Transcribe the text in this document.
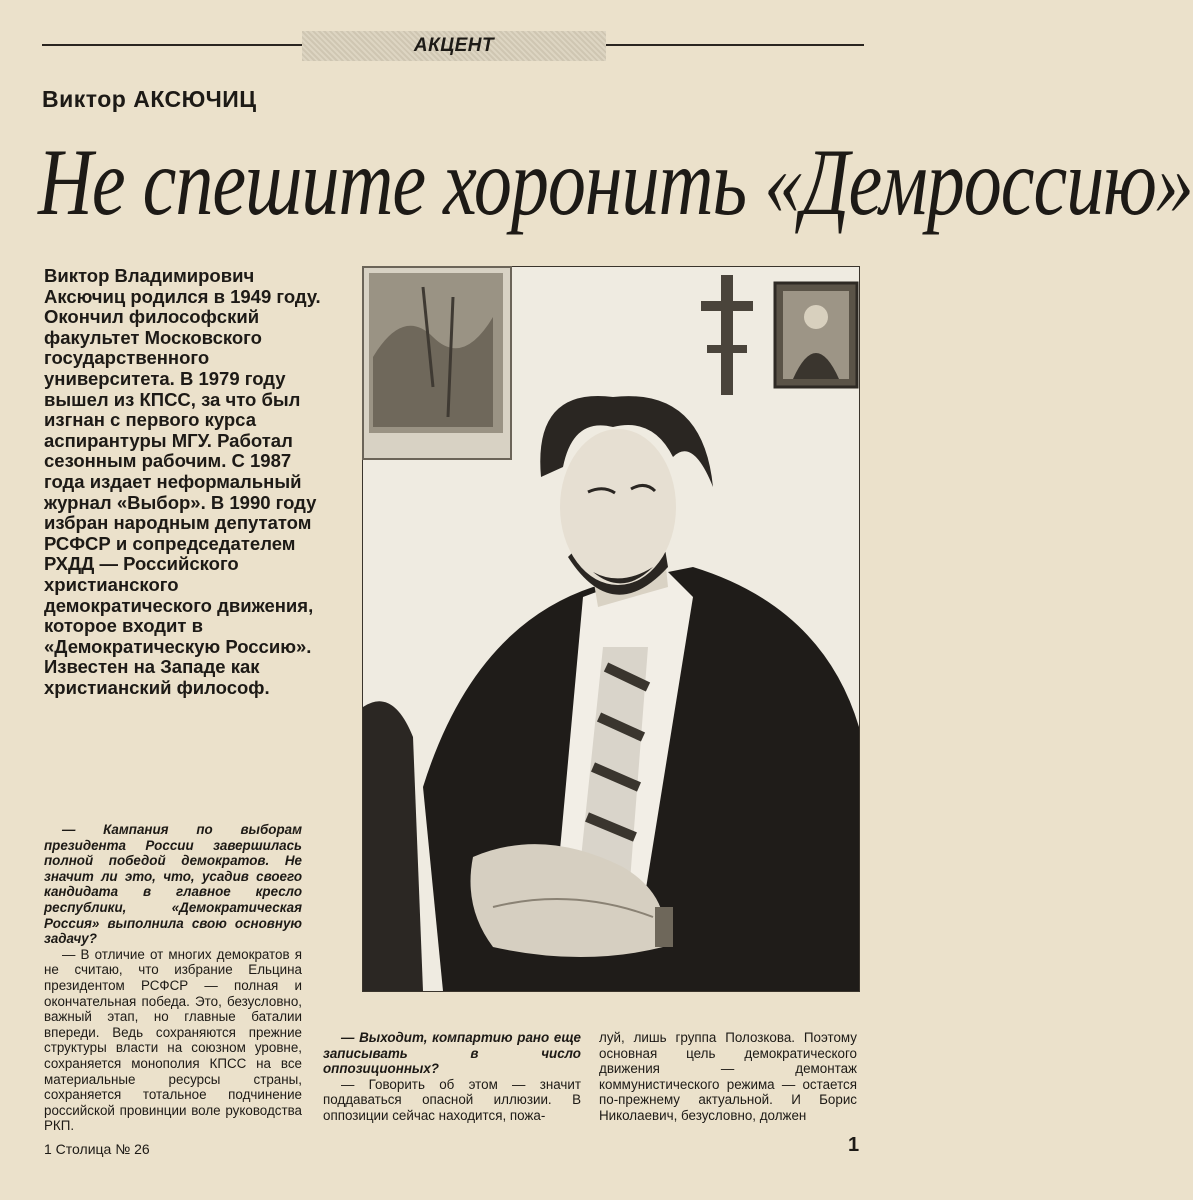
АКЦЕНТ
Виктор АКСЮЧИЦ
Не спешите хоронить «Демроссию»
Виктор Владимирович Аксючиц родился в 1949 году. Окончил философский факультет Московского государственного университета. В 1979 году вышел из КПСС, за что был изгнан с первого курса аспирантуры МГУ. Работал сезонным рабочим. С 1987 года издает неформальный журнал «Выбор». В 1990 году избран народным депутатом РСФСР и сопредседателем РХДД — Российского христианского демократического движения, которое входит в «Демократическую Россию». Известен на Западе как христианский философ.

— Кампания по выборам президента России завершилась полной победой демократов. Не значит ли это, что, усадив своего кандидата в главное кресло республики, «Демократическая Россия» выполнила свою основную задачу?

— В отличие от многих демократов я не считаю, что избрание Ельцина президентом РСФСР — полная и окончательная победа. Это, безусловно, важный этап, но главные баталии впереди. Ведь сохраняются прежние структуры власти на союзном уровне, сохраняется монополия КПСС на все материальные ресурсы страны, сохраняется тотальное подчинение российской провинции воле руководства РКП.

— Выходит, компартию рано еще записывать в число оппозиционных?

— Говорить об этом — значит поддаваться опасной иллюзии. В оппозиции сейчас находится, пожа-

луй, лишь группа Полозкова. Поэтому основная цель демократического движения — демонтаж коммунистического режима — остается по-прежнему актуальной. И Борис Николаевич, безусловно, должен

1 Столица № 26	1
